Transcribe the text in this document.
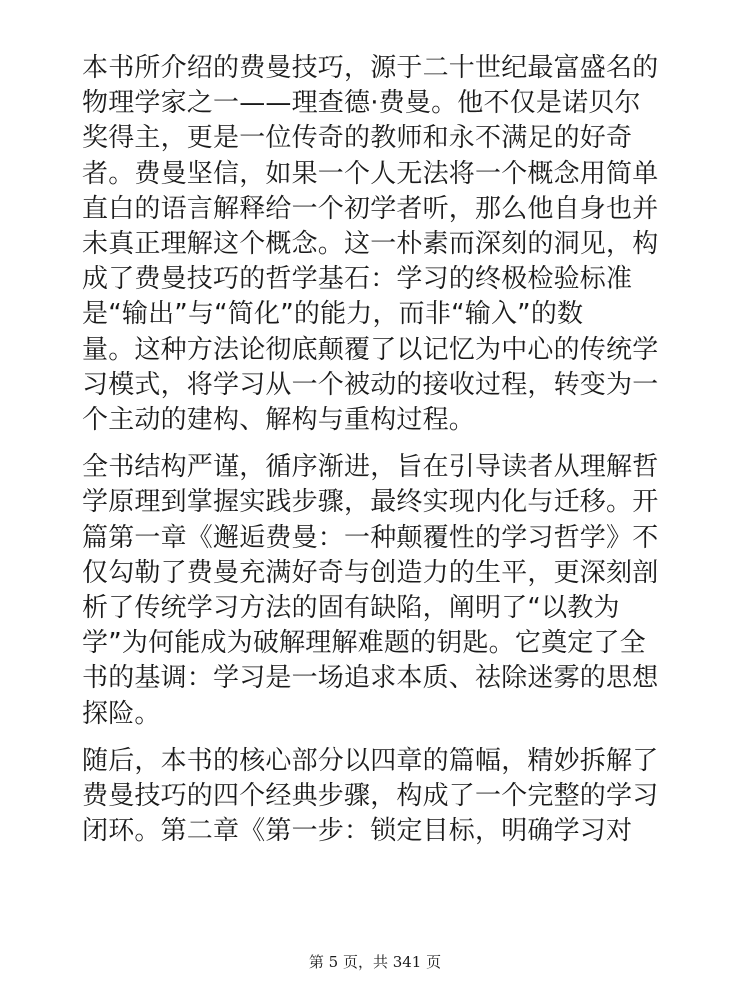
本书所介绍的费曼技巧，源于二十世纪最富盛名的
物理学家之一——理查德·费曼。他不仅是诺贝尔
奖得主，更是一位传奇的教师和永不满足的好奇
者。费曼坚信，如果一个人无法将一个概念用简单
直白的语言解释给一个初学者听，那么他自身也并
未真正理解这个概念。这一朴素而深刻的洞见，构
成了费曼技巧的哲学基石：学习的终极检验标准
是“输出”与“简化”的能力，而非“输入”的数
量。这种方法论彻底颠覆了以记忆为中心的传统学
习模式，将学习从一个被动的接收过程，转变为一
个主动的建构、解构与重构过程。

全书结构严谨，循序渐进，旨在引导读者从理解哲
学原理到掌握实践步骤，最终实现内化与迁移。开
篇第一章《邂逅费曼：一种颠覆性的学习哲学》不
仅勾勒了费曼充满好奇与创造力的生平，更深刻剖
析了传统学习方法的固有缺陷，阐明了“以教为
学”为何能成为破解理解难题的钥匙。它奠定了全
书的基调：学习是一场追求本质、祛除迷雾的思想
探险。

随后，本书的核心部分以四章的篇幅，精妙拆解了
费曼技巧的四个经典步骤，构成了一个完整的学习
闭环。第二章《第一步：锁定目标，明确学习对

第 5 页，共 341 页
